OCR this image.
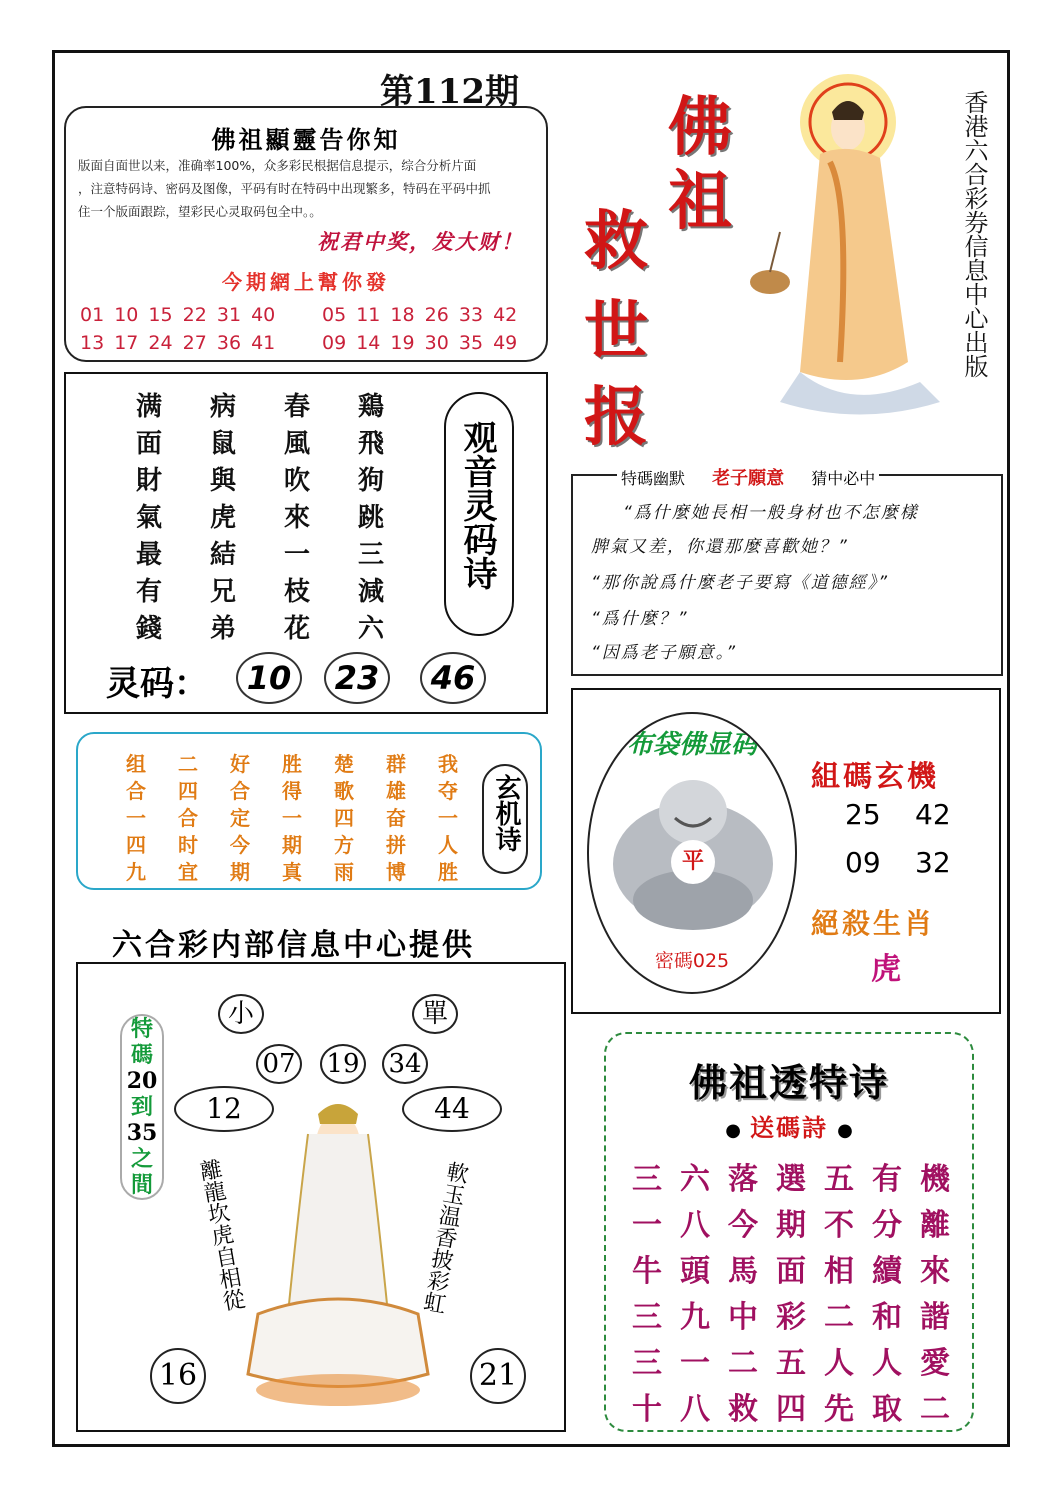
第112期
佛祖顯靈告你知
版面自面世以来，准确率100%，众多彩民根据信息提示，综合分析片面
，注意特码诗、密码及图像，平码有时在特码中出现繁多，特码在平码中抓
住一个版面跟踪，望彩民心灵取码包全中。。
祝君中奖，发大财！
今期網上幫你發
01 10 15 22 31 40
13 17 24 27 36 41
05 11 18 26 33 42
09 14 19 30 35 49
佛
祖
救
世
报
香港六合彩券信息中心出版
满	病	春	鶏
面	鼠	風	飛
財	與	吹	狗
氣	虎	來	跳
最	結	一	三
有	兄	枝	減
錢	弟	花	六
观音灵码诗
灵码：	10	23	46
组	二	好	胜	楚	群	我
合	四	合	得	歌	雄	夺
一	合	定	一	四	奋	一
四	时	今	期	方	拼	人
九	宜	期	真	雨	博	胜
玄机诗
六合彩内部信息中心提供
特碼幽默 老子願意 猜中必中

“爲什麼她長相一般身材也不怎麼樣

脾氣又差，你還那麼喜歡她？”

“那你說爲什麼老子要寫《道德經》”

“爲什麼？”

“因爲老子願意。”

布袋佛显码
平
密碼025
組碼玄機
25 42
09 32
絕殺生肖
虎
小	單
07 19 34
12	44
特
碼
20
到
35
之
間	離龍坎虎自相從	軟玉温香披彩虹
16	21
佛祖透特诗
● 送碼詩 ●
三 六 落 選 五 有 機
一 八 今 期 不 分 離
牛 頭 馬 面 相 續 來
三 九 中 彩 二 和 諧
三 一 二 五 人 人 愛
十 八 救 四 先 取 二
